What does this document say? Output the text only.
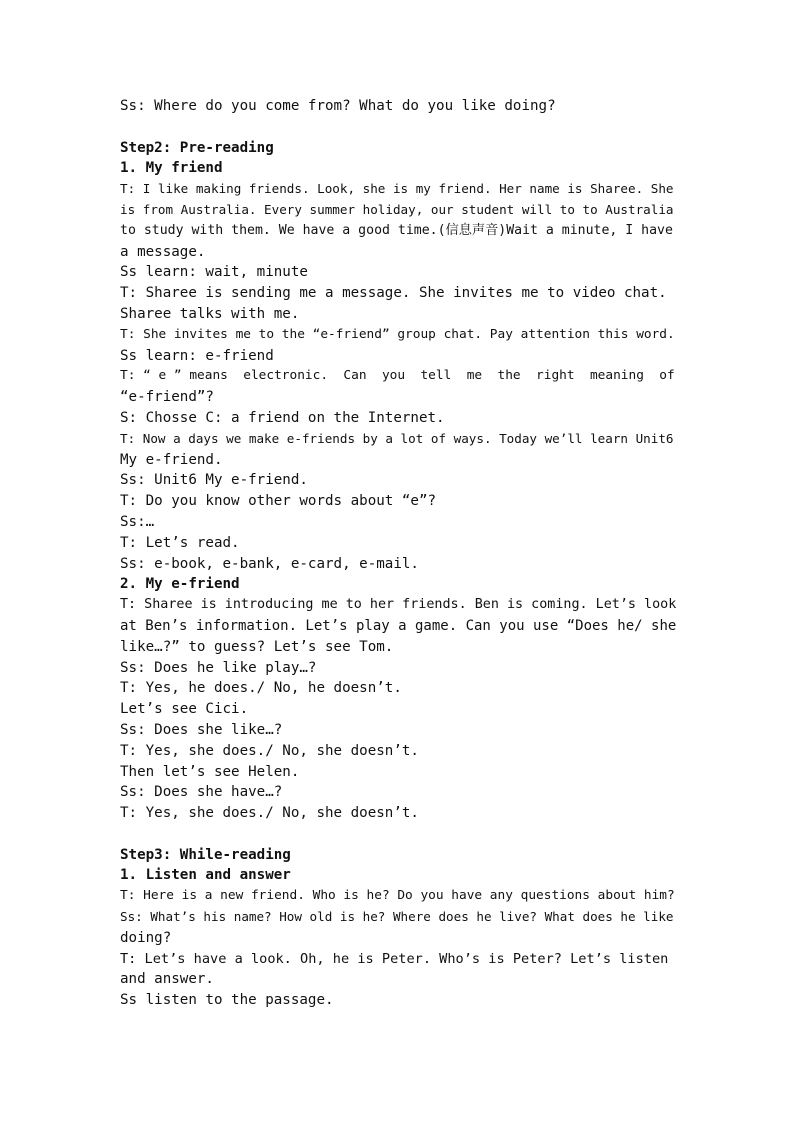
Ss: Where do you come from? What do you like doing?
Step2: Pre-reading
1. My friend
T: I like making friends. Look, she is my friend. Her name is Sharee. She
is from Australia. Every summer holiday, our student will to to Australia
to study with them. We have a good time.(信息声音)Wait a minute, I have
a message.
Ss learn: wait, minute
T: Sharee is sending me a message. She invites me to video chat.
Sharee talks with me.
T: She invites me to the “e-friend” group chat. Pay attention this word.
Ss learn: e-friend
T: “ e ” means  electronic.  Can  you  tell  me  the  right  meaning  of
“e-friend”?
S: Chosse C: a friend on the Internet.
T: Now a days we make e-friends by a lot of ways. Today we’ll learn Unit6
My e-friend.
Ss: Unit6 My e-friend.
T: Do you know other words about “e”?
Ss:…
T: Let’s read.
Ss: e-book, e-bank, e-card, e-mail.
2. My e-friend
T: Sharee is introducing me to her friends. Ben is coming. Let’s look
at Ben’s information. Let’s play a game. Can you use “Does he/ she
like…?” to guess? Let’s see Tom.
Ss: Does he like play…?
T: Yes, he does./ No, he doesn’t.
Let’s see Cici.
Ss: Does she like…?
T: Yes, she does./ No, she doesn’t.
Then let’s see Helen.
Ss: Does she have…?
T: Yes, she does./ No, she doesn’t.
Step3: While-reading
1. Listen and answer
T: Here is a new friend. Who is he? Do you have any questions about him?
Ss: What’s his name? How old is he? Where does he live? What does he like
doing?
T: Let’s have a look. Oh, he is Peter. Who’s is Peter? Let’s listen
and answer.
Ss listen to the passage.
